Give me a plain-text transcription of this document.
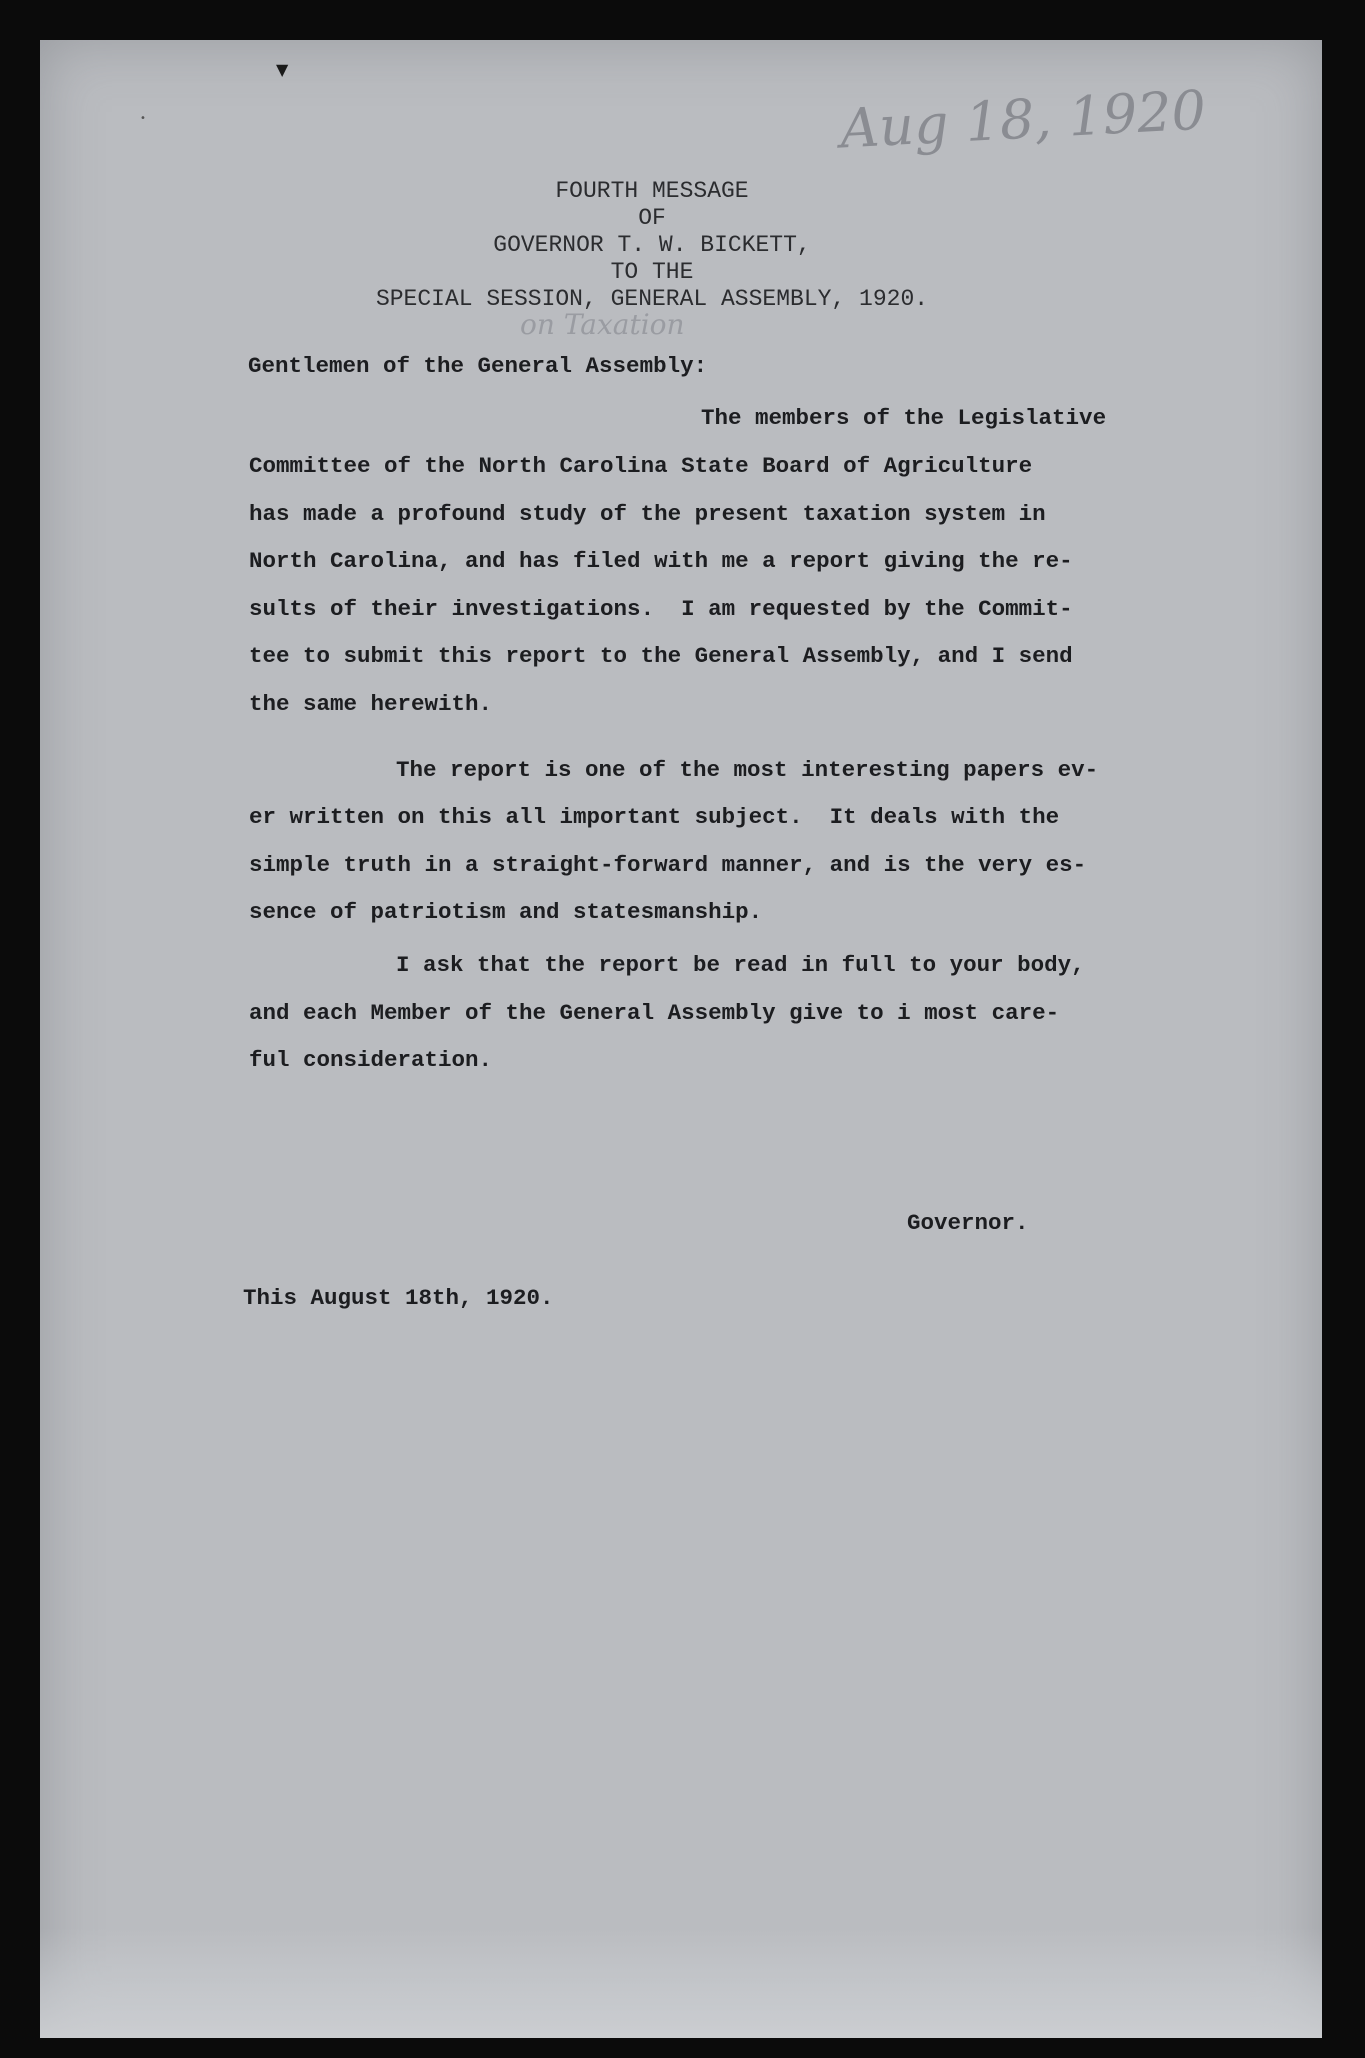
▼
•	Aug 18, 1920
on Taxation
FOURTH MESSAGE
OF
GOVERNOR T. W. BICKETT,
TO THE
SPECIAL SESSION, GENERAL ASSEMBLY, 1920.
Gentlemen of the General Assembly:
The members of the Legislative
Committee of the North Carolina State Board of Agriculture
has made a profound study of the present taxation system in
North Carolina, and has filed with me a report giving the re-
sults of their investigations.  I am requested by the Commit-
tee to submit this report to the General Assembly, and I send
the same herewith.
The report is one of the most interesting papers ev-
er written on this all important subject.  It deals with the
simple truth in a straight-forward manner, and is the very es-
sence of patriotism and statesmanship.
I ask that the report be read in full to your body,
and each Member of the General Assembly give to i most care-
ful consideration.
Governor.
This August 18th, 1920.
